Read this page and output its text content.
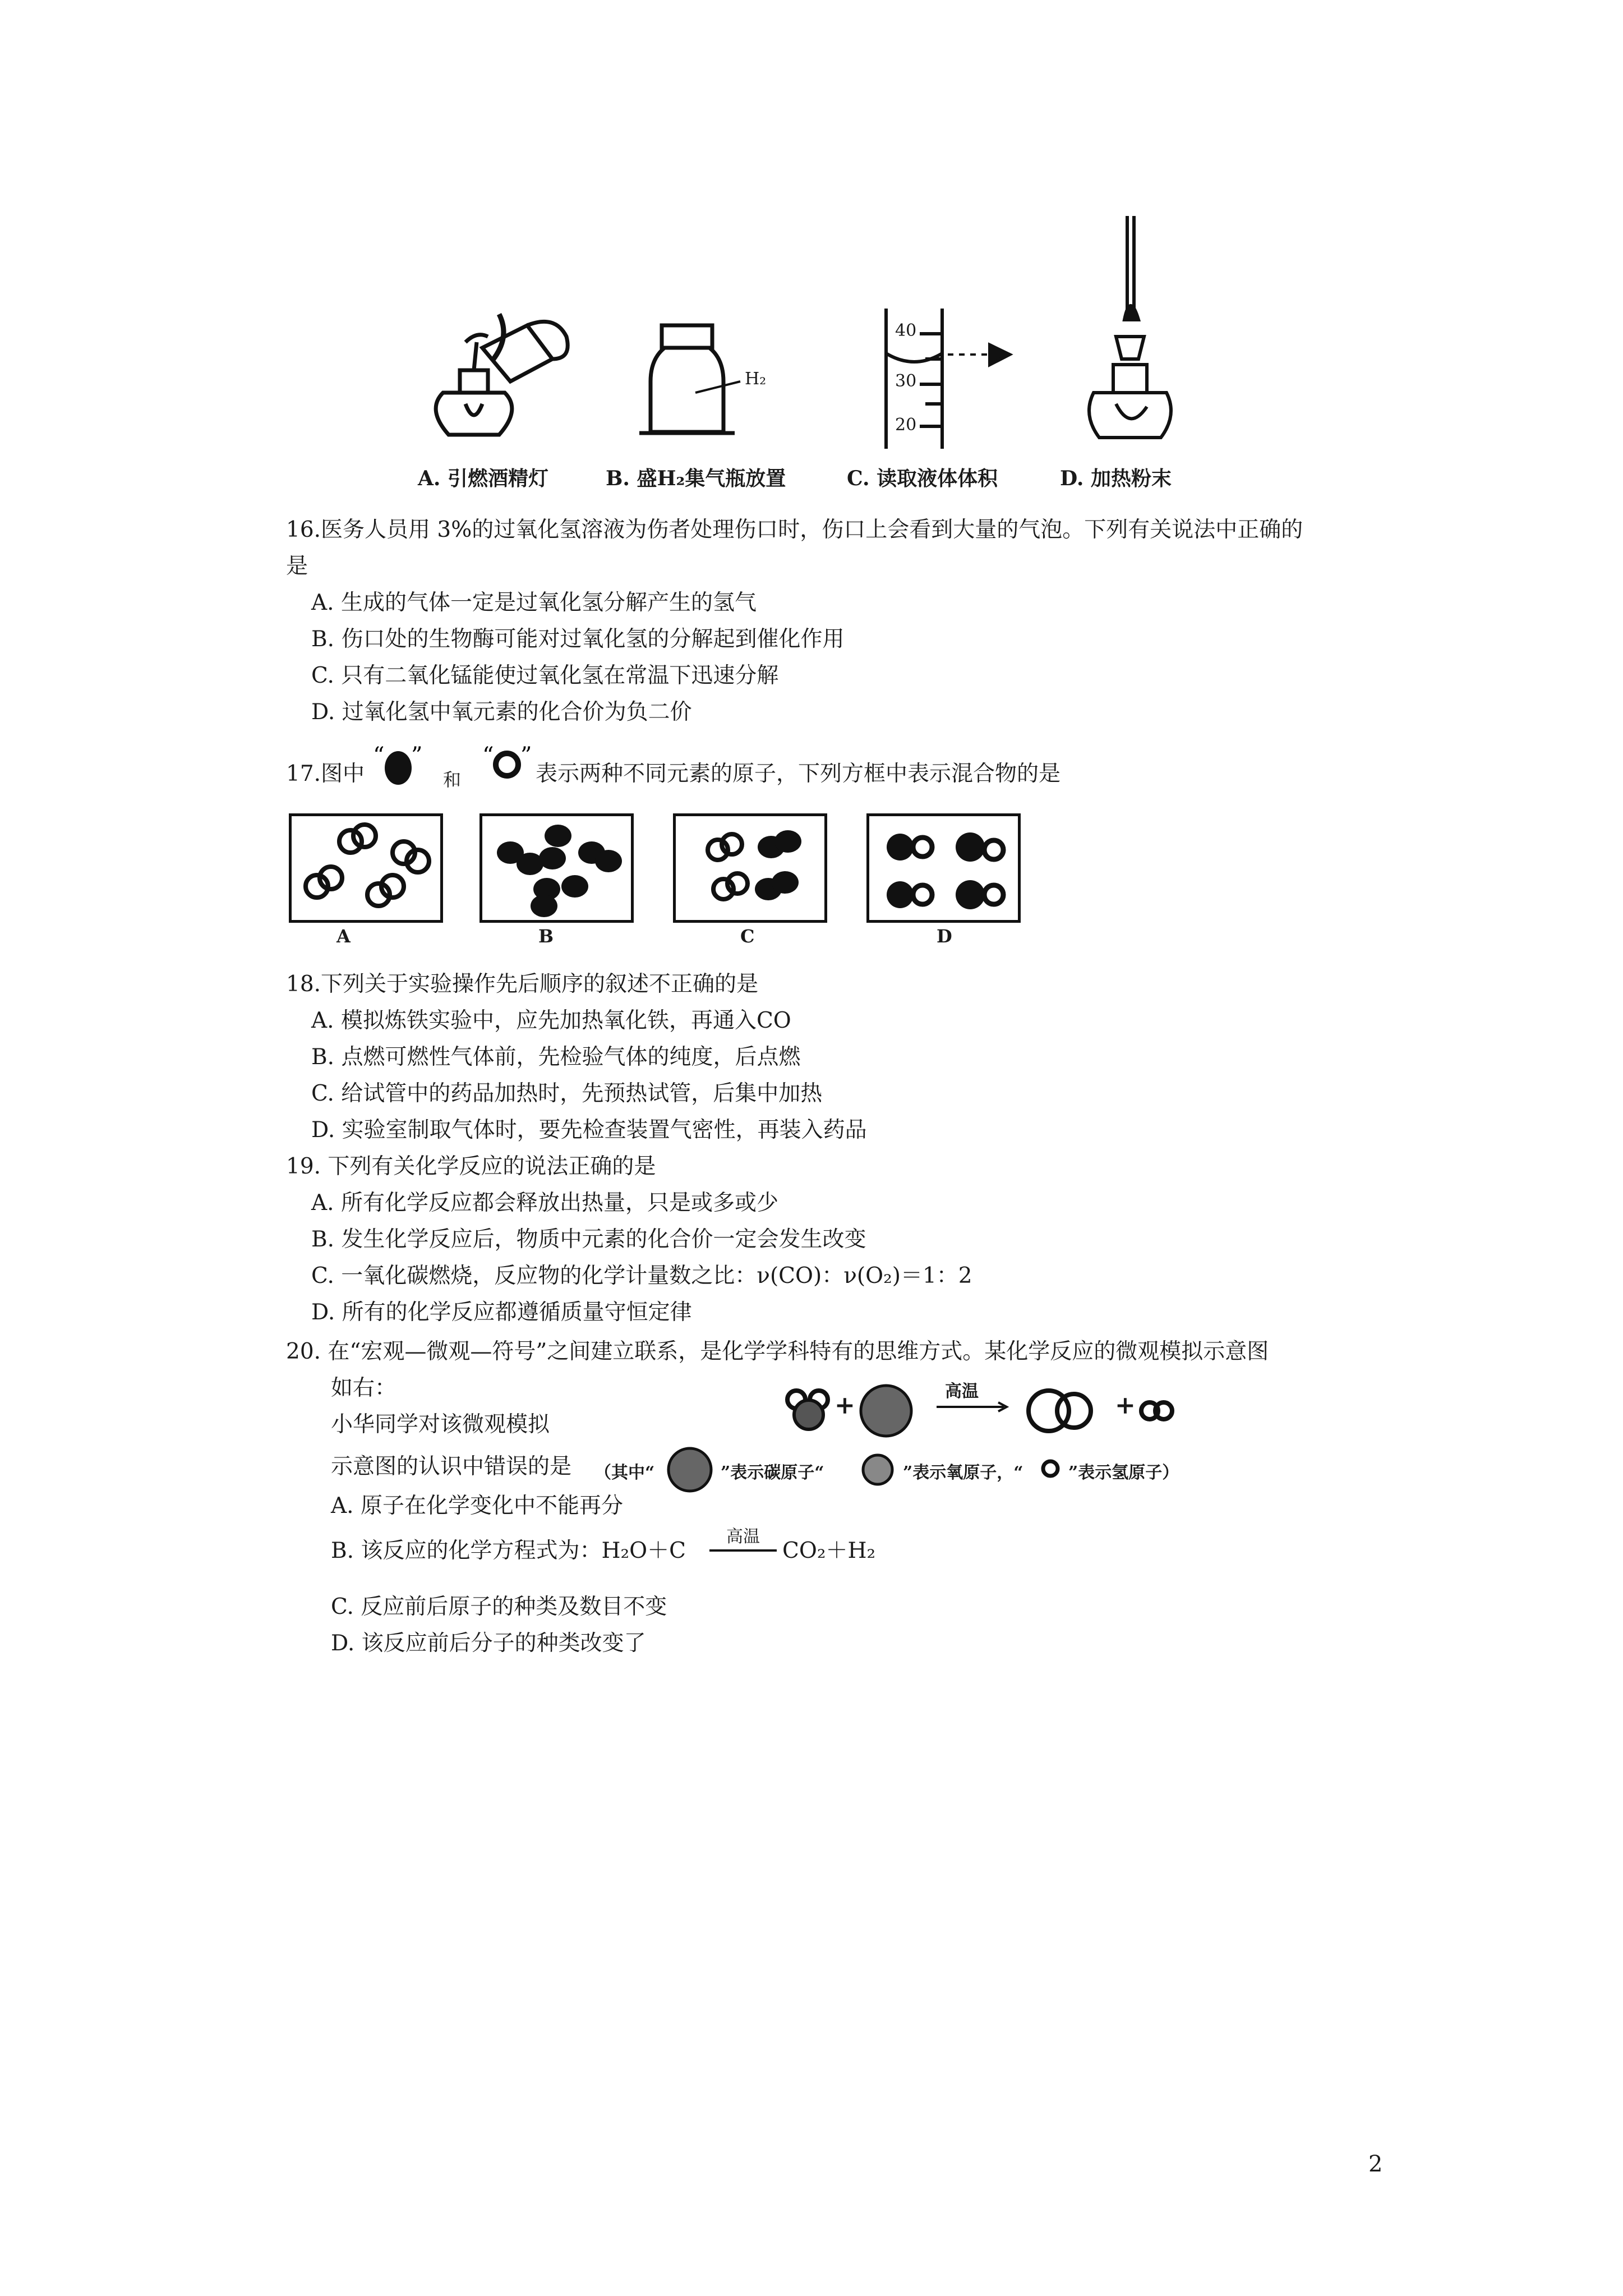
H₂
40
30
20
A. 引燃酒精灯	B. 盛H₂集气瓶放置	C. 读取液体体积	D. 加热粉末
16.医务人员用 3%的过氧化氢溶液为伤者处理伤口时，伤口上会看到大量的气泡。下列有关说法中正确的
是
A. 生成的气体一定是过氧化氢分解产生的氢气
B. 伤口处的生物酶可能对过氧化氢的分解起到催化作用
C. 只有二氧化锰能使过氧化氢在常温下迅速分解
D. 过氧化氢中氧元素的化合价为负二价
17.图中
“ ”
和
“ ”
表示两种不同元素的原子，下列方框中表示混合物的是
A	B	C	D
18.下列关于实验操作先后顺序的叙述不正确的是
A. 模拟炼铁实验中，应先加热氧化铁，再通入CO
B. 点燃可燃性气体前，先检验气体的纯度，后点燃
C. 给试管中的药品加热时，先预热试管，后集中加热
D. 实验室制取气体时，要先检查装置气密性，再装入药品
19. 下列有关化学反应的说法正确的是
A. 所有化学反应都会释放出热量，只是或多或少
B. 发生化学反应后，物质中元素的化合价一定会发生改变
C. 一氧化碳燃烧，反应物的化学计量数之比：ν(CO)：ν(O₂)＝1：2
D. 所有的化学反应都遵循质量守恒定律
20. 在“宏观—微观—符号”之间建立联系，是化学学科特有的思维方式。某化学反应的微观模拟示意图
如右：
小华同学对该微观模拟
示意图的认识中错误的是
+	高温	+
（其中“	”表示碳原子“	”表示氧原子，“	”表示氢原子）
A. 原子在化学变化中不能再分
B. 该反应的化学方程式为：H₂O＋C
高温
CO₂＋H₂
C. 反应前后原子的种类及数目不变
D. 该反应前后分子的种类改变了
2
